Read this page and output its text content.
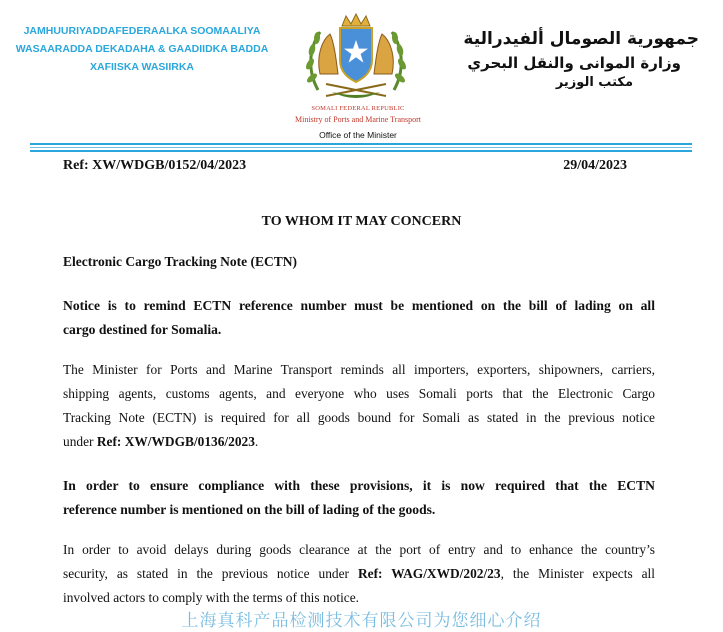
JAMHUURIYADDAFEDERAALKA SOOMAALIYA
WASAARADDA DEKADAHA & GAADIIDKA BADDA
XAFIISKA WASIIRKA
جمهورية الصومال ألفيدرالية
وزارة الموانى والنقل البحري
مكتب الوزير
SOMALI FEDERAL REPUBLIC
Ministry of Ports and Marine Transport
Office of the Minister
Ref: XW/WDGB/0152/04/2023	29/04/2023
TO WHOM IT MAY CONCERN
Electronic Cargo Tracking Note (ECTN)
Notice is to remind ECTN reference number must be mentioned on the bill of lading on all
cargo destined for Somalia.
The Minister for Ports and Marine Transport reminds all importers, exporters, shipowners, carriers,
shipping agents, customs agents, and everyone who uses Somali ports that the Electronic Cargo
Tracking Note (ECTN) is required for all goods bound for Somali as stated in the previous notice
under Ref: XW/WDGB/0136/2023.
In order to ensure compliance with these provisions, it is now required that the ECTN
reference number is mentioned on the bill of lading of the goods.
In order to avoid delays during goods clearance at the port of entry and to enhance the country’s
security, as stated in the previous notice under Ref: WAG/XWD/202/23, the Minister expects all
involved actors to comply with the terms of this notice.
上海真科产品检测技术有限公司为您细心介绍
